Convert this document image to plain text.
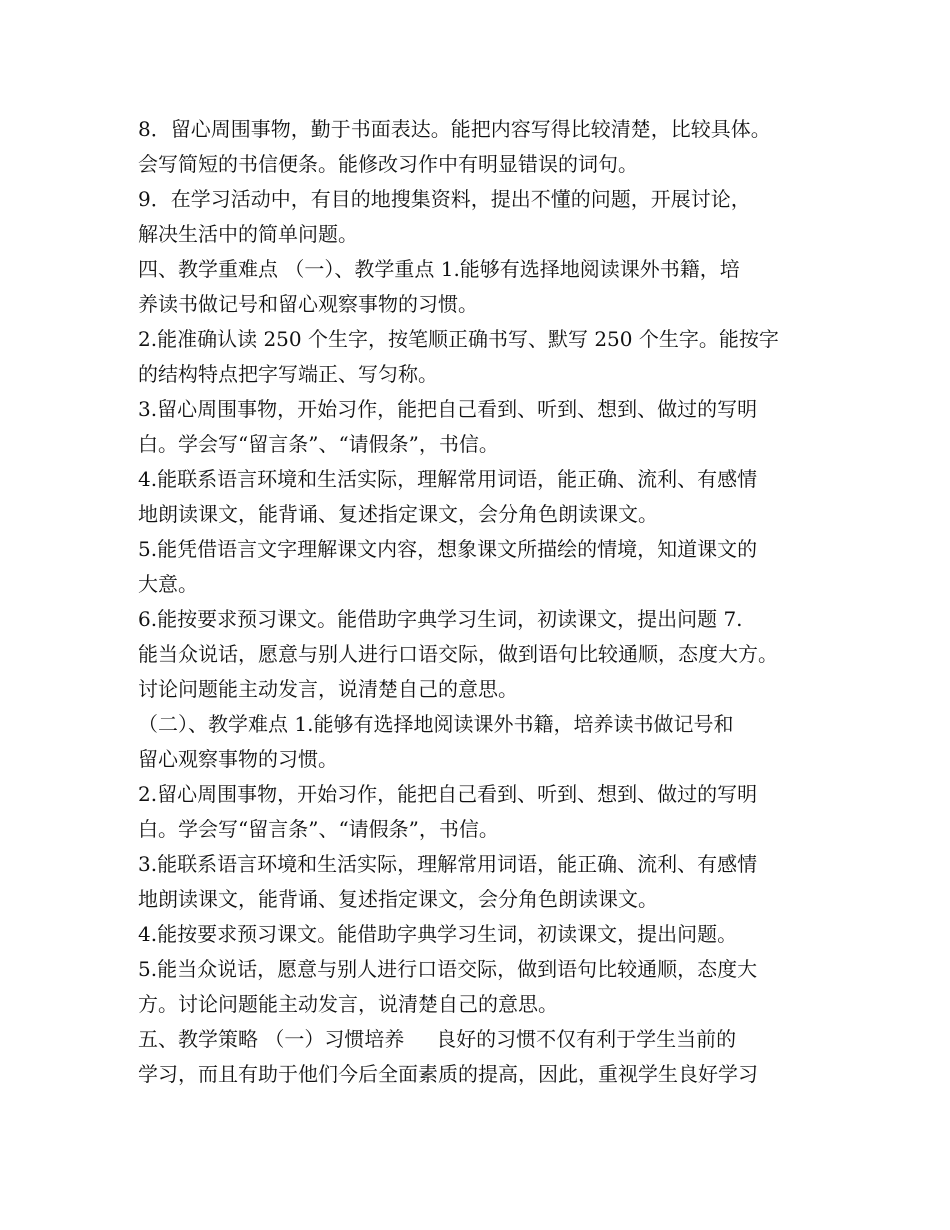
8．留心周围事物，勤于书面表达。能把内容写得比较清楚，比较具体。
会写简短的书信便条。能修改习作中有明显错误的词句。
9．在学习活动中，有目的地搜集资料，提出不懂的问题，开展讨论，
解决生活中的简单问题。
四、教学重难点 （一）、教学重点 1.能够有选择地阅读课外书籍，培
养读书做记号和留心观察事物的习惯。
2.能准确认读 250 个生字，按笔顺正确书写、默写 250 个生字。能按字
的结构特点把字写端正、写匀称。
3.留心周围事物，开始习作，能把自己看到、听到、想到、做过的写明
白。学会写“留言条”、“请假条”，书信。
4.能联系语言环境和生活实际，理解常用词语，能正确、流利、有感情
地朗读课文，能背诵、复述指定课文，会分角色朗读课文。
5.能凭借语言文字理解课文内容，想象课文所描绘的情境，知道课文的
大意。
6.能按要求预习课文。能借助字典学习生词，初读课文，提出问题 7.
能当众说话，愿意与别人进行口语交际，做到语句比较通顺，态度大方。
讨论问题能主动发言，说清楚自己的意思。
（二）、教学难点 1.能够有选择地阅读课外书籍，培养读书做记号和
留心观察事物的习惯。
2.留心周围事物，开始习作，能把自己看到、听到、想到、做过的写明
白。学会写“留言条”、“请假条”，书信。
3.能联系语言环境和生活实际，理解常用词语，能正确、流利、有感情
地朗读课文，能背诵、复述指定课文，会分角色朗读课文。
4.能按要求预习课文。能借助字典学习生词，初读课文，提出问题。
5.能当众说话，愿意与别人进行口语交际，做到语句比较通顺，态度大
方。讨论问题能主动发言，说清楚自己的意思。
五、教学策略 （一）习惯培养     良好的习惯不仅有利于学生当前的
学习，而且有助于他们今后全面素质的提高，因此，重视学生良好学习
